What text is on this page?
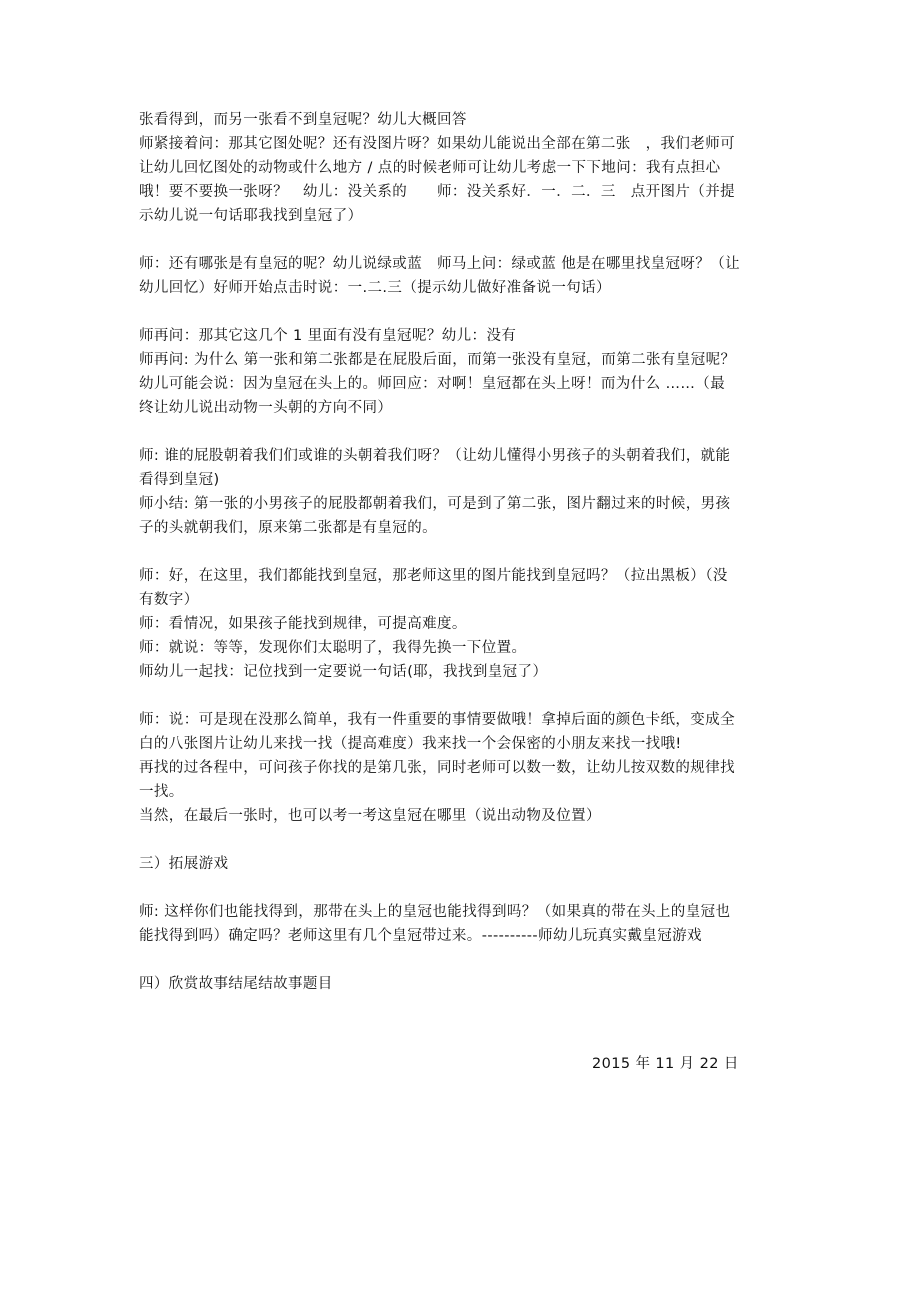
张看得到，而另一张看不到皇冠呢？幼儿大概回答
师紧接着问：那其它图处呢？还有没图片呀？如果幼儿能说出全部在第二张　，我们老师可
让幼儿回忆图处的动物或什么地方 / 点的时候老师可让幼儿考虑一下下地问：我有点担心
哦！要不要换一张呀？　幼儿：没关系的　　师：没关系好．一．二．三　点开图片（并提
示幼儿说一句话耶我找到皇冠了）

师：还有哪张是有皇冠的呢？幼儿说绿或蓝　师马上问：绿或蓝 他是在哪里找皇冠呀？（让
幼儿回忆）好师开始点击时说：一.二.三（提示幼儿做好准备说一句话）

师再问：那其它这几个 1 里面有没有皇冠呢？幼儿：没有
师再问: 为什么 第一张和第二张都是在屁股后面，而第一张没有皇冠，而第二张有皇冠呢？
幼儿可能会说：因为皇冠在头上的。师回应：对啊！皇冠都在头上呀！而为什么 ……（最
终让幼儿说出动物一头朝的方向不同）

师: 谁的屁股朝着我们们或谁的头朝着我们呀？（让幼儿懂得小男孩子的头朝着我们，就能
看得到皇冠)
师小结: 第一张的小男孩子的屁股都朝着我们，可是到了第二张，图片翻过来的时候，男孩
子的头就朝我们，原来第二张都是有皇冠的。

师：好，在这里，我们都能找到皇冠，那老师这里的图片能找到皇冠吗？（拉出黑板）（没
有数字）
师：看情况，如果孩子能找到规律，可提高难度。
师：就说：等等，发现你们太聪明了，我得先换一下位置。
师幼儿一起找：记位找到一定要说一句话(耶，我找到皇冠了）

师：说：可是现在没那么简单，我有一件重要的事情要做哦！拿掉后面的颜色卡纸，变成全
白的八张图片让幼儿来找一找（提高难度）我来找一个会保密的小朋友来找一找哦!
再找的过各程中，可问孩子你找的是第几张，同时老师可以数一数，让幼儿按双数的规律找
一找。
当然，在最后一张时，也可以考一考这皇冠在哪里（说出动物及位置）

三）拓展游戏

师: 这样你们也能找得到，那带在头上的皇冠也能找得到吗？（如果真的带在头上的皇冠也
能找得到吗）确定吗？老师这里有几个皇冠带过来。----------师幼儿玩真实戴皇冠游戏

四）欣赏故事结尾结故事题目

2015 年 11 月 22 日
